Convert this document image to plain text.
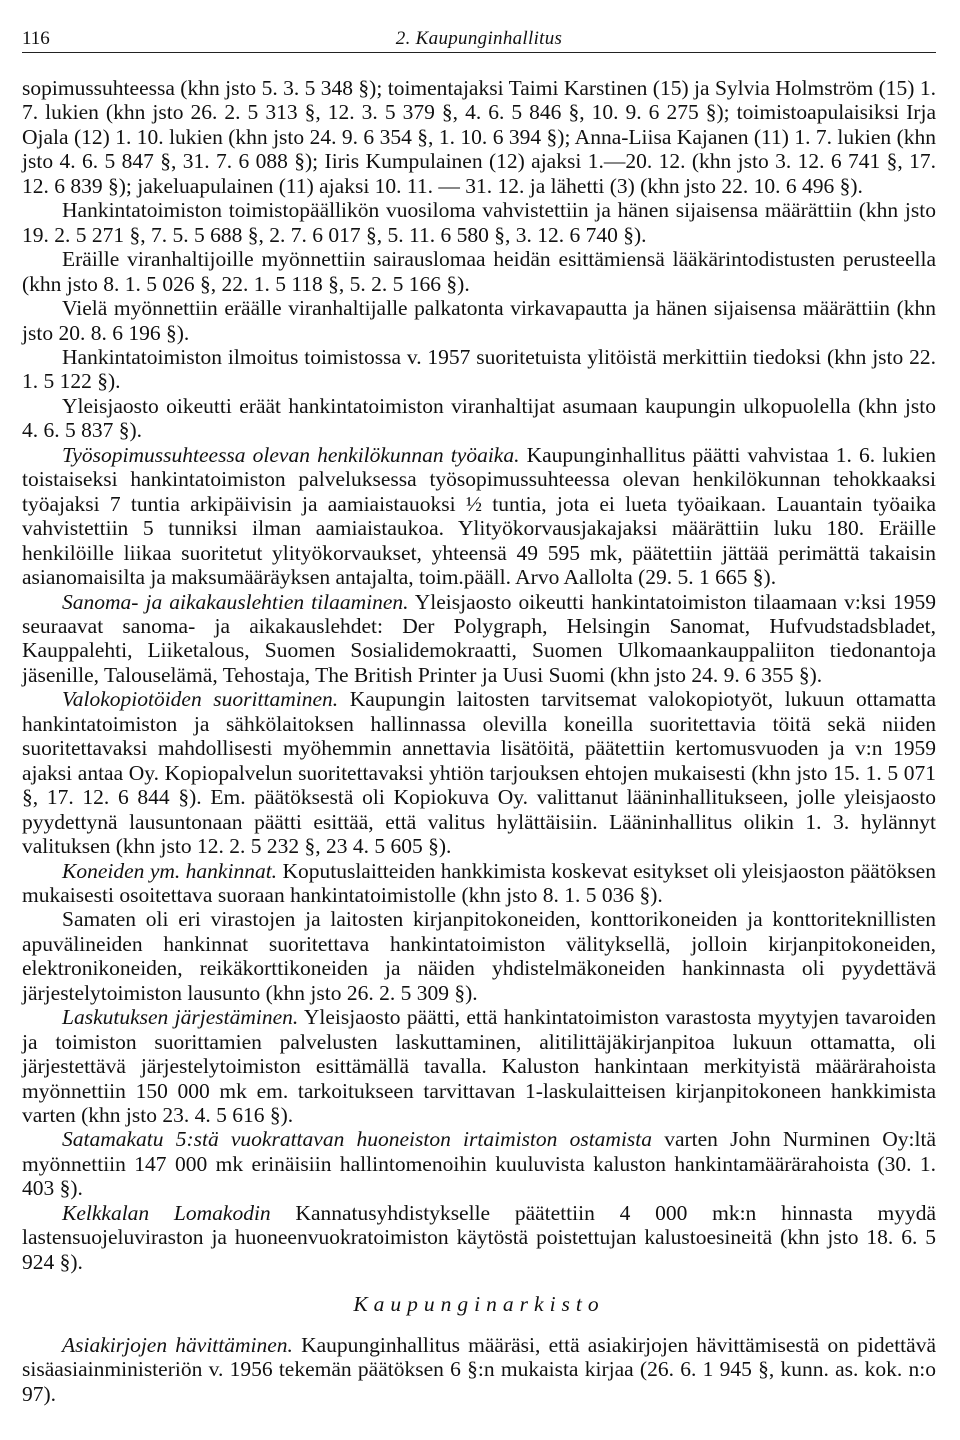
116	2. Kaupunginhallitus

sopimussuhteessa (khn jsto 5. 3. 5 348 §); toimentajaksi Taimi Karstinen (15) ja Sylvia Holmström (15) 1. 7. lukien (khn jsto 26. 2. 5 313 §, 12. 3. 5 379 §, 4. 6. 5 846 §, 10. 9. 6 275 §); toimistoapulaisiksi Irja Ojala (12) 1. 10. lukien (khn jsto 24. 9. 6 354 §, 1. 10. 6 394 §); Anna-Liisa Kajanen (11) 1. 7. lukien (khn jsto 4. 6. 5 847 §, 31. 7. 6 088 §); Iiris Kumpulainen (12) ajaksi 1.—20. 12. (khn jsto 3. 12. 6 741 §, 17. 12. 6 839 §); jakeluapulainen (11) ajaksi 10. 11. — 31. 12. ja lähetti (3) (khn jsto 22. 10. 6 496 §).

Hankintatoimiston toimistopäällikön vuosiloma vahvistettiin ja hänen sijaisensa määrättiin (khn jsto 19. 2. 5 271 §, 7. 5. 5 688 §, 2. 7. 6 017 §, 5. 11. 6 580 §, 3. 12. 6 740 §).

Eräille viranhaltijoille myönnettiin sairauslomaa heidän esittämiensä lääkärintodistusten perusteella (khn jsto 8. 1. 5 026 §, 22. 1. 5 118 §, 5. 2. 5 166 §).

Vielä myönnettiin eräälle viranhaltijalle palkatonta virkavapautta ja hänen sijaisensa määrättiin (khn jsto 20. 8. 6 196 §).

Hankintatoimiston ilmoitus toimistossa v. 1957 suoritetuista ylitöistä merkittiin tiedoksi (khn jsto 22. 1. 5 122 §).

Yleisjaosto oikeutti eräät hankintatoimiston viranhaltijat asumaan kaupungin ulkopuolella (khn jsto 4. 6. 5 837 §).

Työsopimussuhteessa olevan henkilökunnan työaika. Kaupunginhallitus päätti vahvistaa 1. 6. lukien toistaiseksi hankintatoimiston palveluksessa työsopimussuhteessa olevan henkilökunnan tehokkaaksi työajaksi 7 tuntia arkipäivisin ja aamiaistauoksi ½ tuntia, jota ei lueta työaikaan. Lauantain työaika vahvistettiin 5 tunniksi ilman aamiaistaukoa. Ylityökorvausjakajaksi määrättiin luku 180. Eräille henkilöille liikaa suoritetut ylityökorvaukset, yhteensä 49 595 mk, päätettiin jättää perimättä takaisin asianomaisilta ja maksumääräyksen antajalta, toim.pääll. Arvo Aallolta (29. 5. 1 665 §).

Sanoma- ja aikakauslehtien tilaaminen. Yleisjaosto oikeutti hankintatoimiston tilaamaan v:ksi 1959 seuraavat sanoma- ja aikakauslehdet: Der Polygraph, Helsingin Sanomat, Hufvudstadsbladet, Kauppalehti, Liiketalous, Suomen Sosialidemokraatti, Suomen Ulkomaankauppaliiton tiedonantoja jäsenille, Talouselämä, Tehostaja, The British Printer ja Uusi Suomi (khn jsto 24. 9. 6 355 §).

Valokopiotöiden suorittaminen. Kaupungin laitosten tarvitsemat valokopiotyöt, lukuun ottamatta hankintatoimiston ja sähkölaitoksen hallinnassa olevilla koneilla suoritettavia töitä sekä niiden suoritettavaksi mahdollisesti myöhemmin annettavia lisätöitä, päätettiin kertomusvuoden ja v:n 1959 ajaksi antaa Oy. Kopiopalvelun suoritettavaksi yhtiön tarjouksen ehtojen mukaisesti (khn jsto 15. 1. 5 071 §, 17. 12. 6 844 §). Em. päätöksestä oli Kopiokuva Oy. valittanut lääninhallitukseen, jolle yleisjaosto pyydettynä lausuntonaan päätti esittää, että valitus hylättäisiin. Lääninhallitus olikin 1. 3. hylännyt valituksen (khn jsto 12. 2. 5 232 §, 23 4. 5 605 §).

Koneiden ym. hankinnat. Koputuslaitteiden hankkimista koskevat esitykset oli yleisjaoston päätöksen mukaisesti osoitettava suoraan hankintatoimistolle (khn jsto 8. 1. 5 036 §).

Samaten oli eri virastojen ja laitosten kirjanpitokoneiden, konttorikoneiden ja konttoriteknillisten apuvälineiden hankinnat suoritettava hankintatoimiston välityksellä, jolloin kirjanpitokoneiden, elektronikoneiden, reikäkorttikoneiden ja näiden yhdistelmäkoneiden hankinnasta oli pyydettävä järjestelytoimiston lausunto (khn jsto 26. 2. 5 309 §).

Laskutuksen järjestäminen. Yleisjaosto päätti, että hankintatoimiston varastosta myytyjen tavaroiden ja toimiston suorittamien palvelusten laskuttaminen, alitilittäjäkirjanpitoa lukuun ottamatta, oli järjestettävä järjestelytoimiston esittämällä tavalla. Kaluston hankintaan merkityistä määrärahoista myönnettiin 150 000 mk em. tarkoitukseen tarvittavan 1-laskulaitteisen kirjanpitokoneen hankkimista varten (khn jsto 23. 4. 5 616 §).

Satamakatu 5:stä vuokrattavan huoneiston irtaimiston ostamista varten John Nurminen Oy:ltä myönnettiin 147 000 mk erinäisiin hallintomenoihin kuuluvista kaluston hankintamäärärahoista (30. 1. 403 §).

Kelkkalan Lomakodin Kannatusyhdistykselle päätettiin 4 000 mk:n hinnasta myydä lastensuojeluviraston ja huoneenvuokratoimiston käytöstä poistettujan kalustoesineitä (khn jsto 18. 6. 5 924 §).

Kaupunginarkisto

Asiakirjojen hävittäminen. Kaupunginhallitus määräsi, että asiakirjojen hävittämisestä on pidettävä sisäasiainministeriön v. 1956 tekemän päätöksen 6 §:n mukaista kirjaa (26. 6. 1 945 §, kunn. as. kok. n:o 97).
